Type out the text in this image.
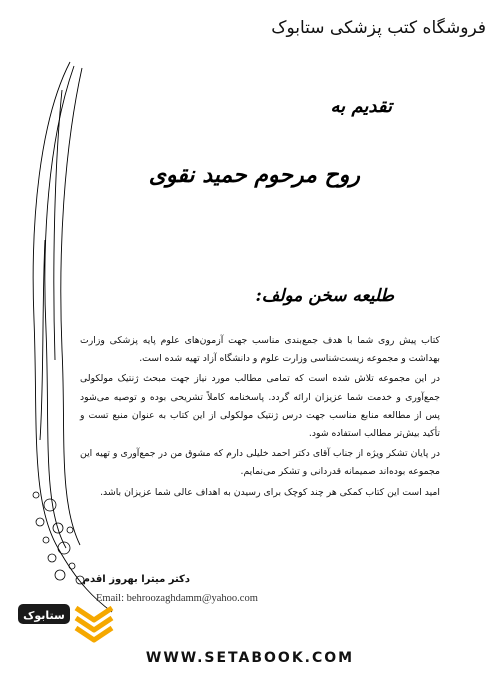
فروشگاه کتب پزشکی ستابوک
تقدیم به
روح مرحوم حمید نقوی
طلیعه سخن مولف:

کتاب پیش روی شما با هدف جمع‌بندی مناسب جهت آزمون‌های علوم پایه پزشکی وزارت بهداشت و مجموعه زیست‌شناسی وزارت علوم و دانشگاه آزاد تهیه شده است.

در این مجموعه تلاش شده است که تمامی مطالب مورد نیاز جهت مبحث ژنتیک مولکولی جمع‌آوری و خدمت شما عزیزان ارائه گردد. پاسخنامه کاملاً تشریحی بوده و توصیه می‌شود پس از مطالعه منابع مناسب جهت درس ژنتیک مولکولی از این کتاب به عنوان منبع تست و تأکید بیش‌تر مطالب استفاده شود.

در پایان تشکر ویژه از جناب آقای دکتر احمد خلیلی دارم که مشوق من در جمع‌آوری و تهیه این مجموعه بوده‌اند صمیمانه قدردانی و تشکر می‌نمایم.

امید است این کتاب کمکی هر چند کوچک برای رسیدن به اهداف عالی شما عزیزان باشد.

دکتر میترا بهروز اقدم
Email: behroozaghdamm@yahoo.com
ستابوک
WWW.SETABOOK.COM
